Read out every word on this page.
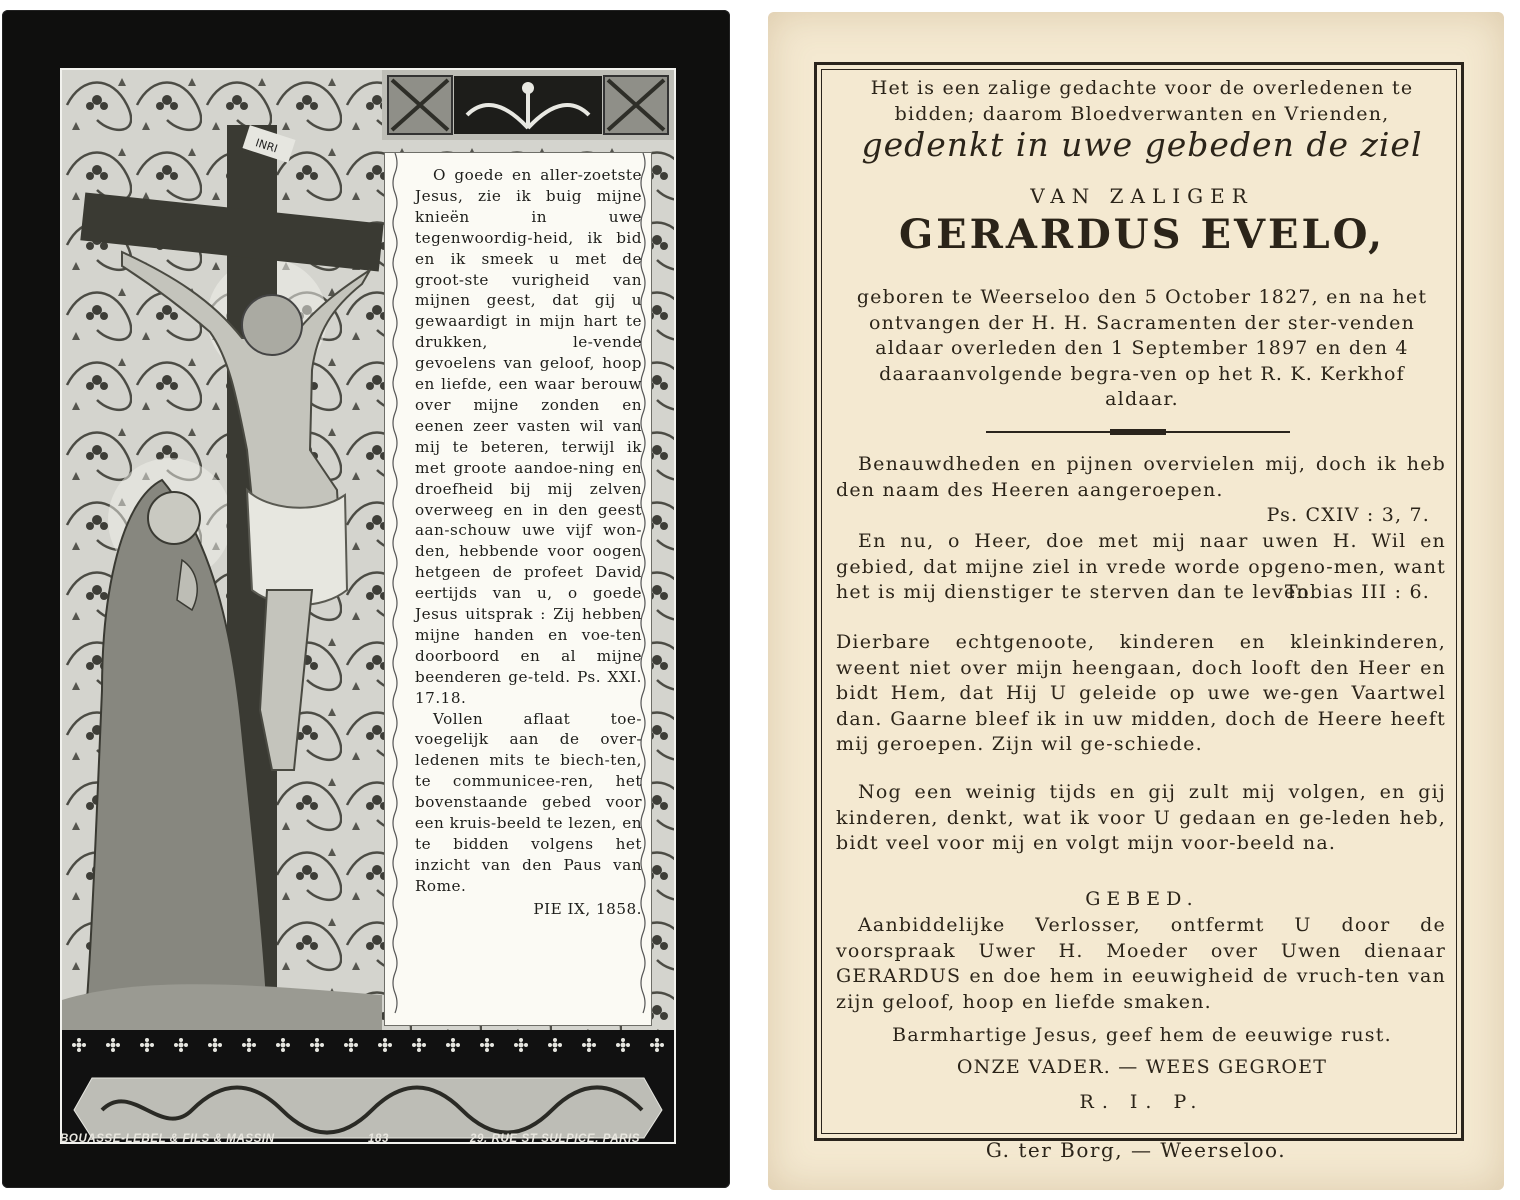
INRI

O goede en aller-zoetste Jesus, zie ik buig mijne knieën in uwe tegenwoordig-heid, ik bid en ik smeek u met de groot-ste vurigheid van mijnen geest, dat gij u gewaardigt in mijn hart te drukken, le-vende gevoelens van geloof, hoop en liefde, een waar berouw over mijne zonden en eenen zeer vasten wil van mij te beteren, terwijl ik met groote aandoe-ning en droefheid bij mij zelven overweeg en in den geest aan-schouw uwe vijf won-den, hebbende voor oogen hetgeen de profeet David eertijds van u, o goede Jesus uitsprak : Zij hebben mijne handen en voe-ten doorboord en al mijne beenderen ge-teld. Ps. XXI. 17.18.

Vollen aflaat toe-voegelijk aan de over-ledenen mits te biech-ten, te communiceе-ren, het bovenstaande gebed voor een kruis-beeld te lezen, en te bidden volgens het inzicht van den Paus van Rome.

PIE IX, 1858.

BOUASSE-LEBEL & FILS & MASSIN	183	29, RUE ST SULPICE, PARIS
Het is een zalige gedachte voor de overledenen te bidden; daarom Bloedverwanten en Vrienden,
gedenkt in uwe gebeden de ziel
VAN ZALIGER
GERARDUS EVELO,
geboren te Weerseloo den 5 October 1827, en na het ontvangen der H. H. Sacramenten der ster-venden aldaar overleden den 1 September 1897 en den 4 daaraanvolgende begra-ven op het R. K. Kerkhof aldaar.
Benauwdheden en pijnen overvielen mij, doch ik heb den naam des Heeren aangeroepen.
Ps. CXIV : 3, 7.
En nu, o Heer, doe met mij naar uwen H. Wil en gebied, dat mijne ziel in vrede worde opgeno-men, want het is mij dienstiger te sterven dan te leven.
Tobias III : 6.
Dierbare echtgenoote, kinderen en kleinkinderen, weent niet over mijn heengaan, doch looft den Heer en bidt Hem, dat Hij U geleide op uwe we-gen Vaartwel dan. Gaarne bleef ik in uw midden, doch de Heere heeft mij geroepen. Zijn wil ge-schiede.
Nog een weinig tijds en gij zult mij volgen, en gij kinderen, denkt, wat ik voor U gedaan en ge-leden heb, bidt veel voor mij en volgt mijn voor-beeld na.
GEBED.
Aanbiddelijke Verlosser, ontfermt U door de voorspraak Uwer H. Moeder over Uwen dienaar GERARDUS en doe hem in eeuwigheid de vruch-ten van zijn geloof, hoop en liefde smaken.
Barmhartige Jesus, geef hem de eeuwige rust.
ONZE VADER. — WEES GEGROET
R. I. P.
G. ter Borg, — Weerseloo.
